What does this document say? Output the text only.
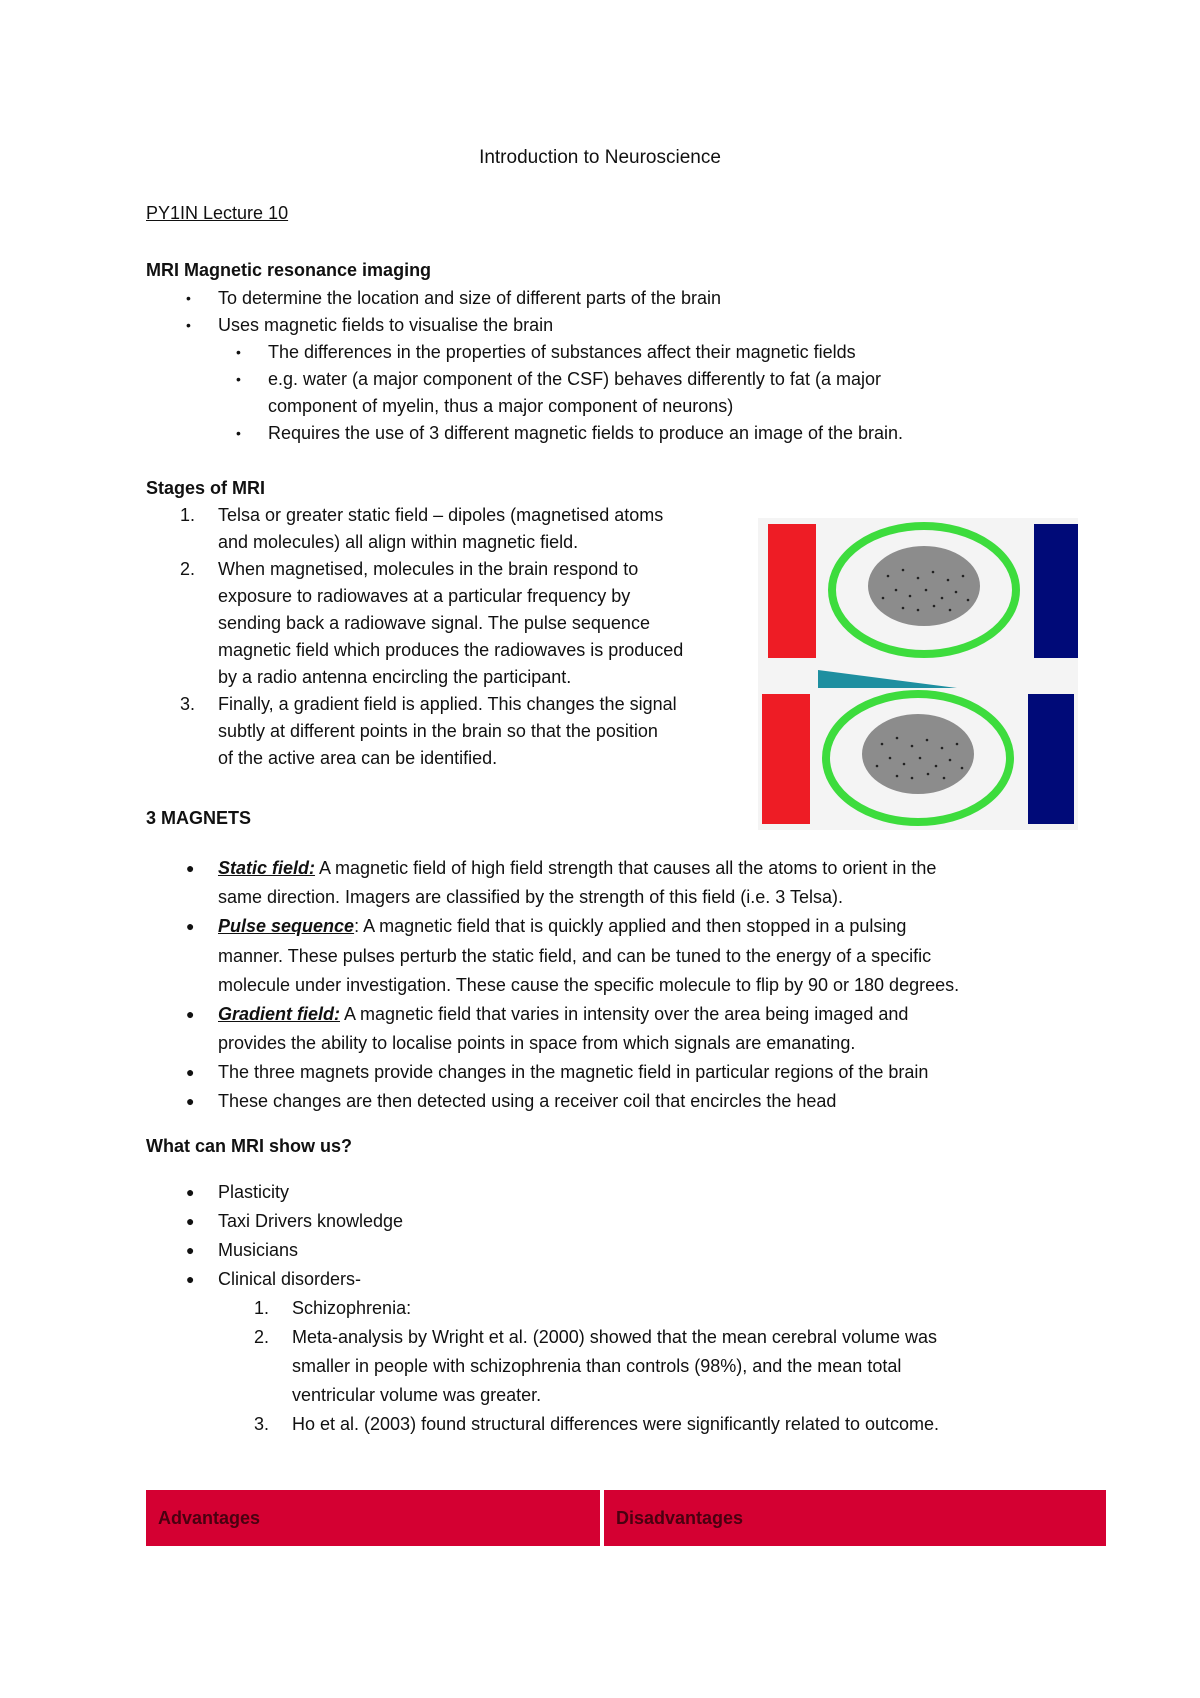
Introduction to Neuroscience
PY1IN Lecture 10
MRI Magnetic resonance imaging
• To determine the location and size of different parts of the brain
• Uses magnetic fields to visualise the brain
• The differences in the properties of substances affect their magnetic fields
• e.g. water (a major component of the CSF) behaves differently to fat (a major
component of myelin, thus a major component of neurons)
• Requires the use of 3 different magnetic fields to produce an image of the brain.
Stages of MRI
1. Telsa or greater static field – dipoles (magnetised atoms
and molecules) all align within magnetic field.
2. When magnetised, molecules in the brain respond to
exposure to radiowaves at a particular frequency by
sending back a radiowave signal. The pulse sequence
magnetic field which produces the radiowaves is produced
by a radio antenna encircling the participant.
3. Finally, a gradient field is applied. This changes the signal
subtly at different points in the brain so that the position
of the active area can be identified.
3 MAGNETS
● Static field: A magnetic field of high field strength that causes all the atoms to orient in the
same direction. Imagers are classified by the strength of this field (i.e. 3 Telsa).
● Pulse sequence: A magnetic field that is quickly applied and then stopped in a pulsing
manner. These pulses perturb the static field, and can be tuned to the energy of a specific
molecule under investigation. These cause the specific molecule to flip by 90 or 180 degrees.
● Gradient field: A magnetic field that varies in intensity over the area being imaged and
provides the ability to localise points in space from which signals are emanating.
● The three magnets provide changes in the magnetic field in particular regions of the brain
● These changes are then detected using a receiver coil that encircles the head
What can MRI show us?
● Plasticity
● Taxi Drivers knowledge
● Musicians
● Clinical disorders-
1. Schizophrenia:
2. Meta-analysis by Wright et al. (2000) showed that the mean cerebral volume was
smaller in people with schizophrenia than controls (98%), and the mean total
ventricular volume was greater.
3. Ho et al. (2003) found structural differences were significantly related to outcome.
Advantages	Disadvantages
